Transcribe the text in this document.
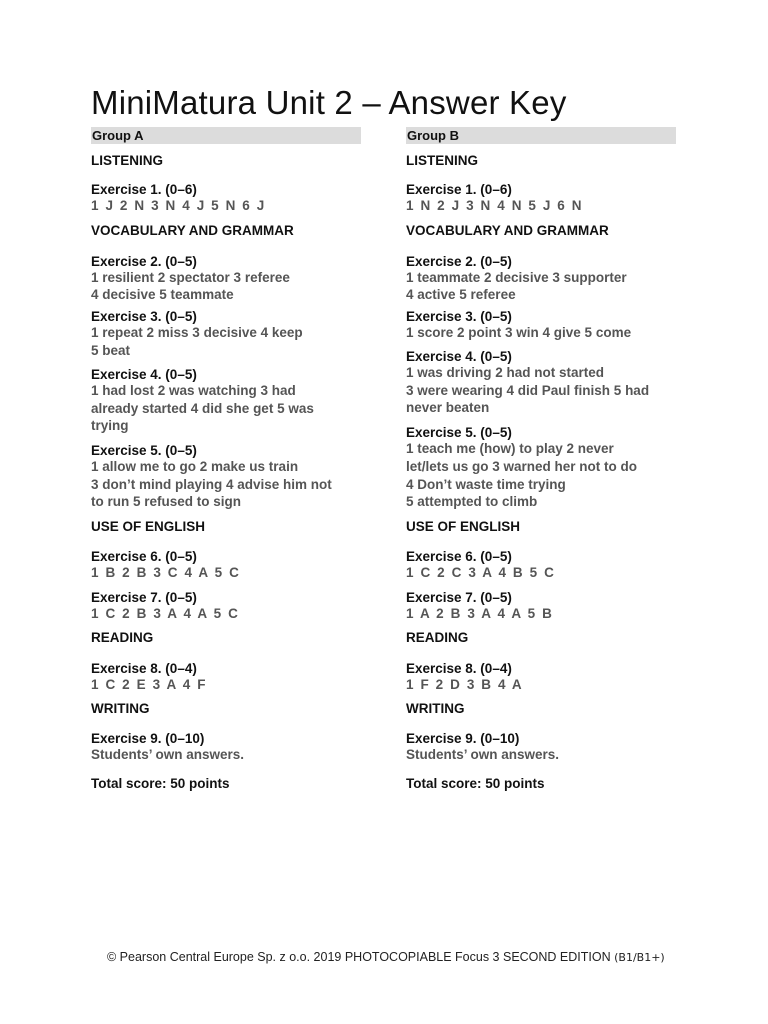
MiniMatura Unit 2 – Answer Key
Group A
LISTENING
Exercise 1. (0–6)
1 J 2 N 3 N 4 J 5 N 6 J
VOCABULARY AND GRAMMAR
Exercise 2. (0–5)
1 resilient 2 spectator 3 referee
4 decisive 5 teammate
Exercise 3. (0–5)
1 repeat 2 miss 3 decisive 4 keep
5 beat
Exercise 4. (0–5)
1 had lost 2 was watching 3 had
already started 4 did she get 5 was
trying
Exercise 5. (0–5)
1 allow me to go 2 make us train
3 don’t mind playing 4 advise him not
to run 5 refused to sign
USE OF ENGLISH
Exercise 6. (0–5)
1 B 2 B 3 C 4 A 5 C
Exercise 7. (0–5)
1 C 2 B 3 A 4 A 5 C
READING
Exercise 8. (0–4)
1 C 2 E 3 A 4 F
WRITING
Exercise 9. (0–10)
Students’ own answers.
Total score: 50 points
Group B
LISTENING
Exercise 1. (0–6)
1 N 2 J 3 N 4 N 5 J 6 N
VOCABULARY AND GRAMMAR
Exercise 2. (0–5)
1 teammate 2 decisive 3 supporter
4 active 5 referee
Exercise 3. (0–5)
1 score 2 point 3 win 4 give 5 come
Exercise 4. (0–5)
1 was driving 2 had not started
3 were wearing 4 did Paul finish 5 had
never beaten
Exercise 5. (0–5)
1 teach me (how) to play 2 never
let/lets us go 3 warned her not to do
4 Don’t waste time trying
5 attempted to climb
USE OF ENGLISH
Exercise 6. (0–5)
1 C 2 C 3 A 4 B 5 C
Exercise 7. (0–5)
1 A 2 B 3 A 4 A 5 B
READING
Exercise 8. (0–4)
1 F 2 D 3 B 4 A
WRITING
Exercise 9. (0–10)
Students’ own answers.
Total score: 50 points
© Pearson Central Europe Sp. z o.o. 2019 PHOTOCOPIABLE Focus 3 SECOND EDITION (B1/B1+)
